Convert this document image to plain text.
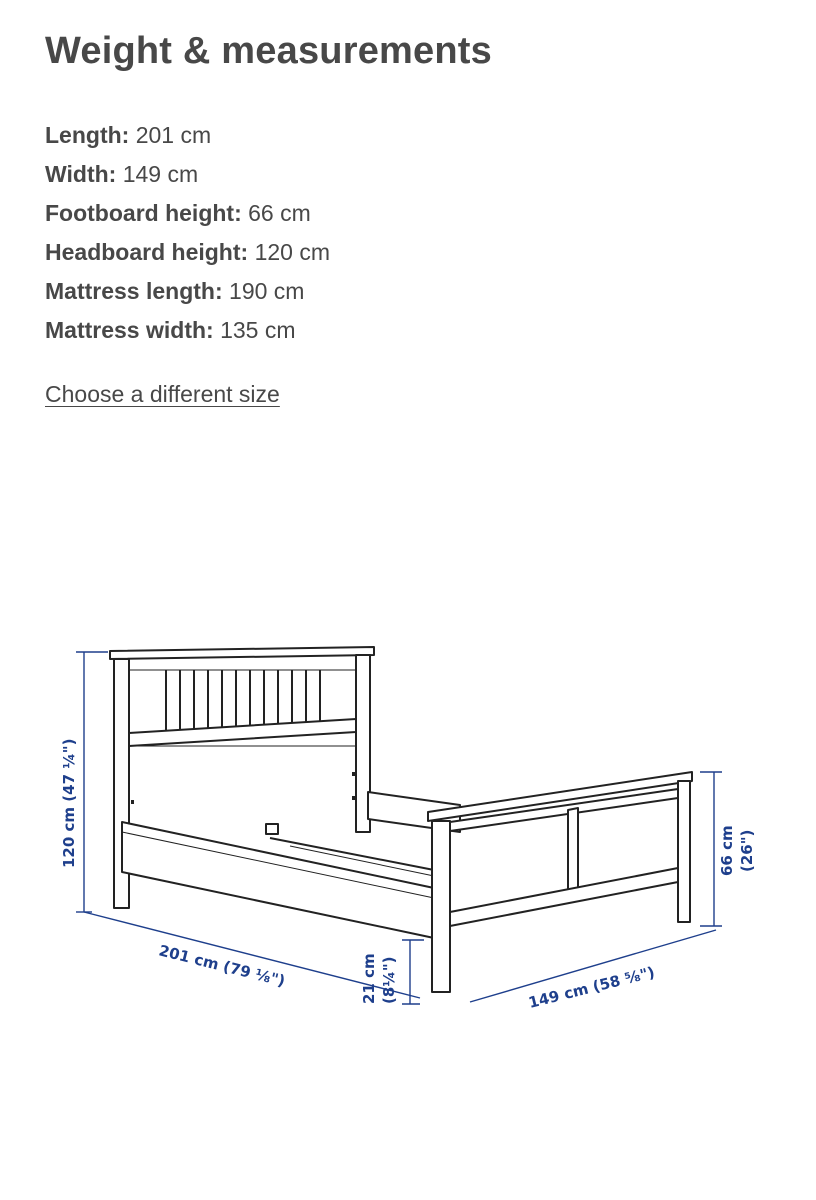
Weight & measurements
Length: 201 cm
Width: 149 cm
Footboard height: 66 cm
Headboard height: 120 cm
Mattress length: 190 cm
Mattress width: 135 cm
Choose a different size
120 cm (47 ¼")
201 cm (79 ⅛")	21 cm (8¼")	149 cm (58 ⅝")
66 cm (26")
